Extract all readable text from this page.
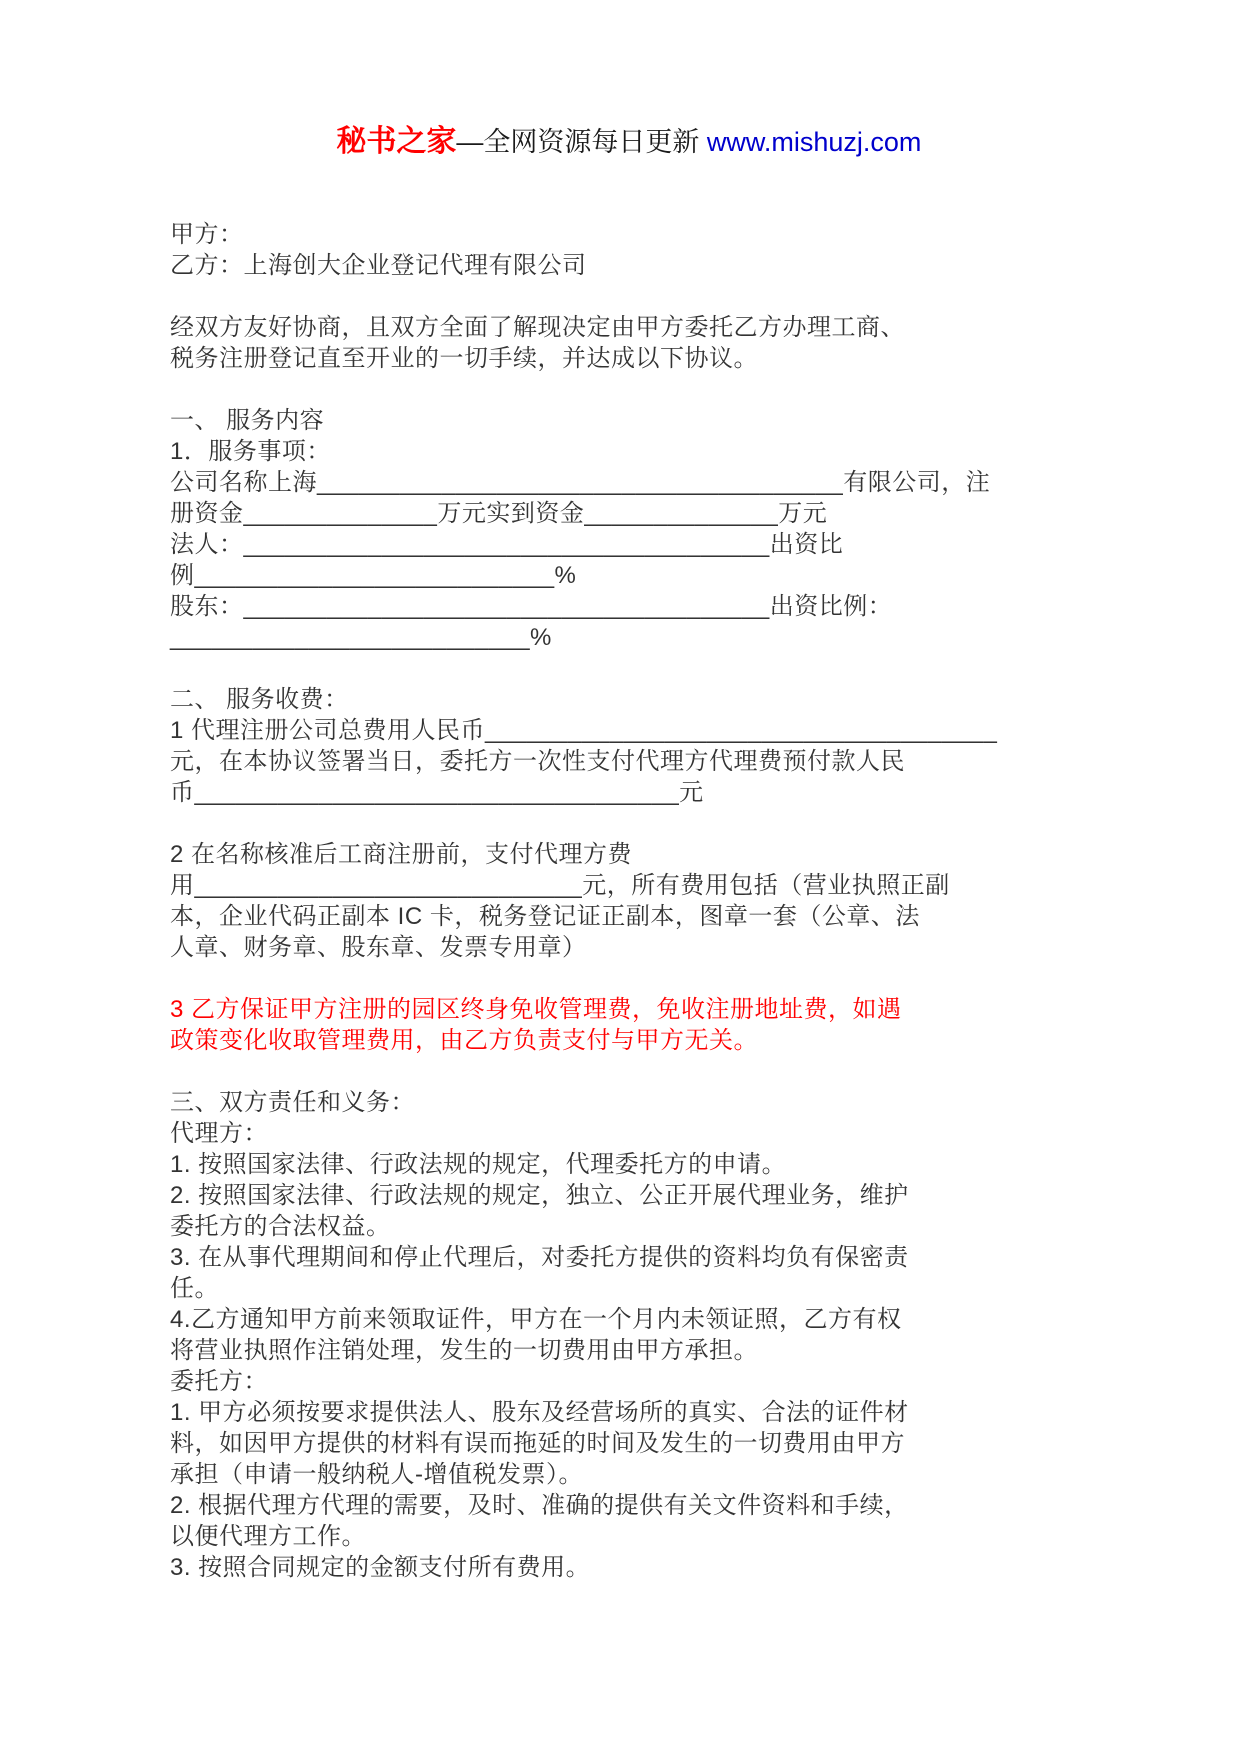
秘书之家—全网资源每日更新 www.mishuzj.com

甲方：
乙方：上海创大企业登记代理有限公司
经双方友好协商，且双方全面了解现决定由甲方委托乙方办理工商、
税务注册登记直至开业的一切手续，并达成以下协议。
一、 服务内容
1．服务事项：
公司名称上海______________________________________有限公司，注
册资金______________万元实到资金______________万元
法人：______________________________________出资比
例__________________________%
股东：______________________________________出资比例：
__________________________%
二、 服务收费：
1 代理注册公司总费用人民币_____________________________________
元，在本协议签署当日，委托方一次性支付代理方代理费预付款人民
币___________________________________元
2 在名称核准后工商注册前，支付代理方费
用____________________________元，所有费用包括（营业执照正副
本，企业代码正副本 IC 卡，税务登记证正副本，图章一套（公章、法
人章、财务章、股东章、发票专用章）
3 乙方保证甲方注册的园区终身免收管理费，免收注册地址费，如遇
政策变化收取管理费用，由乙方负责支付与甲方无关。
三、双方责任和义务：
代理方：
1. 按照国家法律、行政法规的规定，代理委托方的申请。
2. 按照国家法律、行政法规的规定，独立、公正开展代理业务，维护
委托方的合法权益。
3. 在从事代理期间和停止代理后，对委托方提供的资料均负有保密责
任。
4.乙方通知甲方前来领取证件，甲方在一个月内未领证照，乙方有权
将营业执照作注销处理，发生的一切费用由甲方承担。
委托方：
1. 甲方必须按要求提供法人、股东及经营场所的真实、合法的证件材
料，如因甲方提供的材料有误而拖延的时间及发生的一切费用由甲方
承担（申请一般纳税人-增值税发票）。
2. 根据代理方代理的需要，及时、准确的提供有关文件资料和手续，
以便代理方工作。
3. 按照合同规定的金额支付所有费用。
